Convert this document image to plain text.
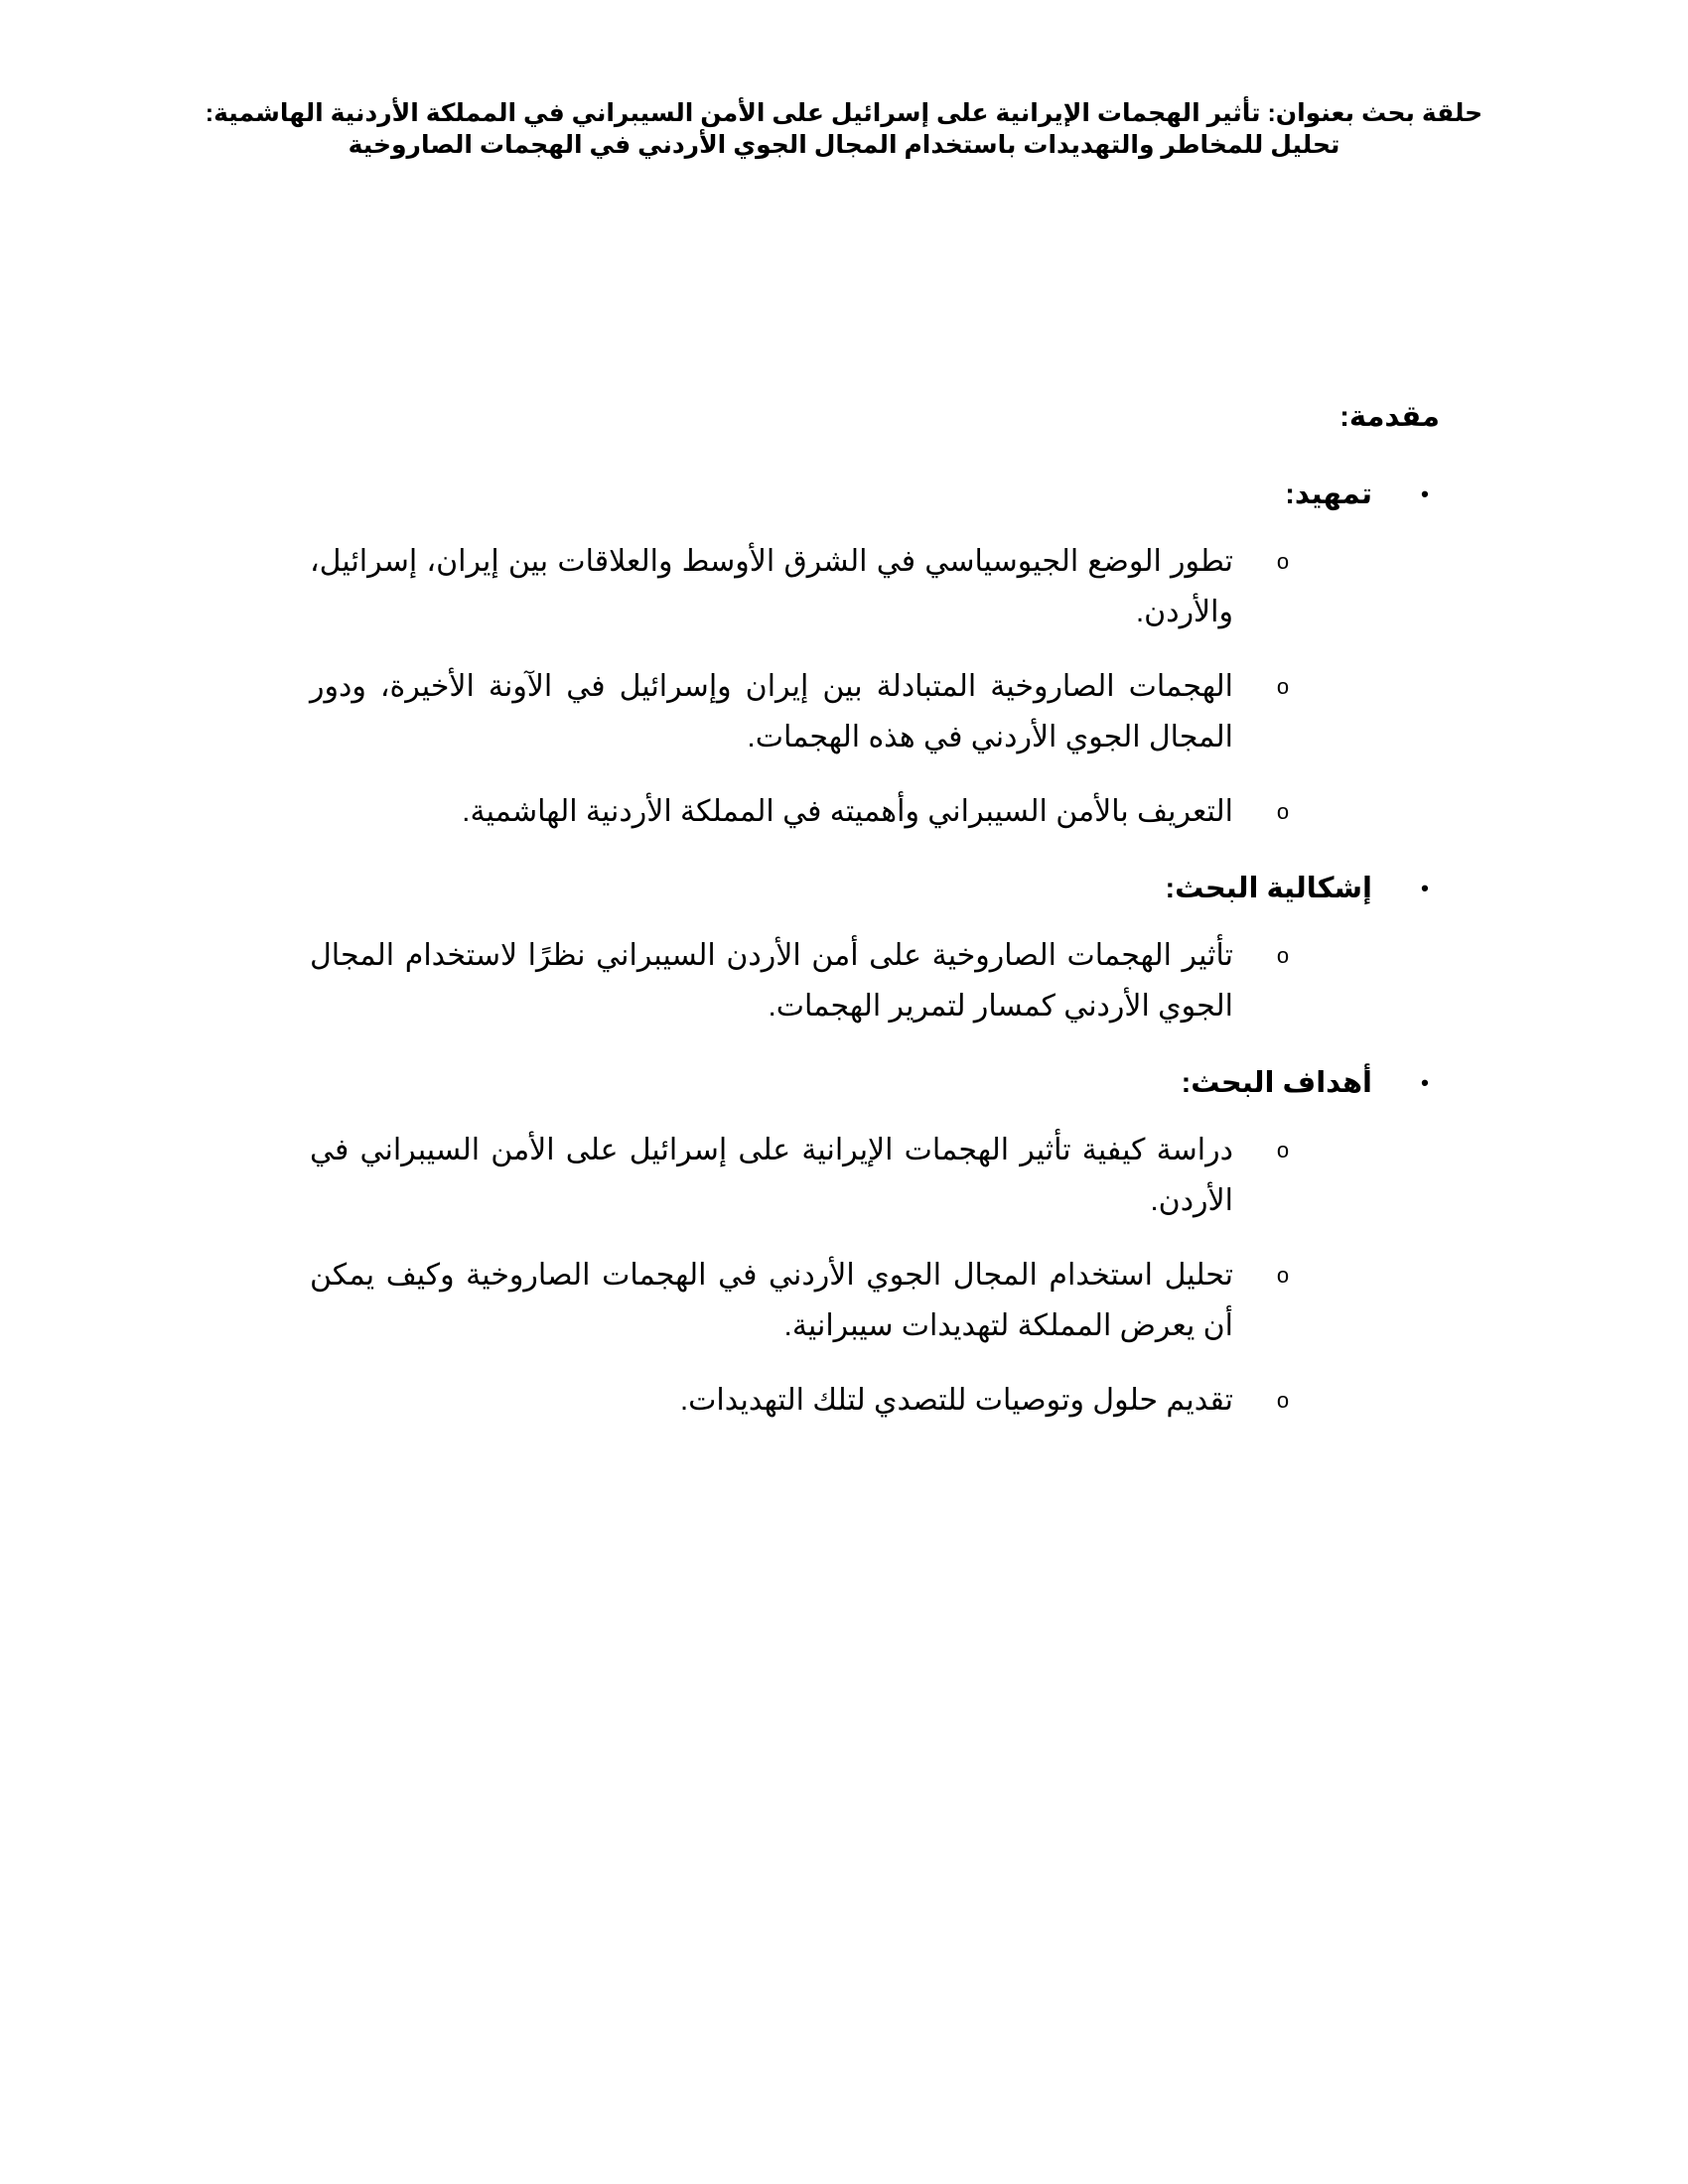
حلقة بحث بعنوان: تأثير الهجمات الإيرانية على إسرائيل على الأمن السيبراني في المملكة الأردنية الهاشمية:
تحليل للمخاطر والتهديدات باستخدام المجال الجوي الأردني في الهجمات الصاروخية
مقدمة:
•
تمهيد:
o
تطور الوضع الجيوسياسي في الشرق الأوسط والعلاقات بين إيران، إسرائيل، والأردن.
o
الهجمات الصاروخية المتبادلة بين إيران وإسرائيل في الآونة الأخيرة، ودور المجال الجوي الأردني في هذه الهجمات.
o
التعريف بالأمن السيبراني وأهميته في المملكة الأردنية الهاشمية.
•
إشكالية البحث:
o
تأثير الهجمات الصاروخية على أمن الأردن السيبراني نظرًا لاستخدام المجال الجوي الأردني كمسار لتمرير الهجمات.
•
أهداف البحث:
o
دراسة كيفية تأثير الهجمات الإيرانية على إسرائيل على الأمن السيبراني في الأردن.
o
تحليل استخدام المجال الجوي الأردني في الهجمات الصاروخية وكيف يمكن أن يعرض المملكة لتهديدات سيبرانية.
o
تقديم حلول وتوصيات للتصدي لتلك التهديدات.
